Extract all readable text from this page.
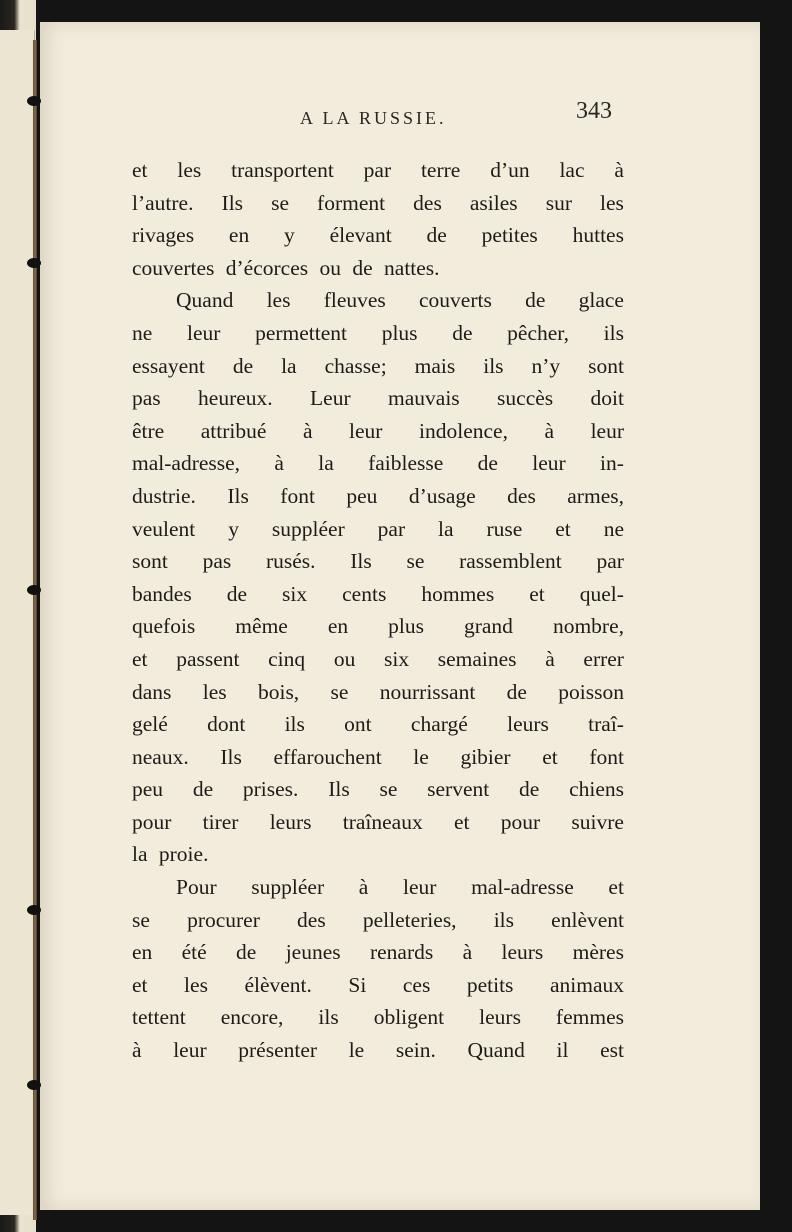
A LA RUSSIE.	343
et les transportent par terre d’un lac à
l’autre. Ils se forment des asiles sur les
rivages en y élevant de petites huttes
couvertes d’écorces ou de nattes.
Quand les fleuves couverts de glace
ne leur permettent plus de pêcher, ils
essayent de la chasse; mais ils n’y sont
pas heureux. Leur mauvais succès doit
être attribué à leur indolence, à leur
mal-adresse, à la faiblesse de leur in-
dustrie. Ils font peu d’usage des armes,
veulent y suppléer par la ruse et ne
sont pas rusés. Ils se rassemblent par
bandes de six cents hommes et quel-
quefois même en plus grand nombre,
et passent cinq ou six semaines à errer
dans les bois, se nourrissant de poisson
gelé dont ils ont chargé leurs traî-
neaux. Ils effarouchent le gibier et font
peu de prises. Ils se servent de chiens
pour tirer leurs traîneaux et pour suivre
la proie.
Pour suppléer à leur mal-adresse et
se procurer des pelleteries, ils enlèvent
en été de jeunes renards à leurs mères
et les élèvent. Si ces petits animaux
tettent encore, ils obligent leurs femmes
à leur présenter le sein. Quand il est
